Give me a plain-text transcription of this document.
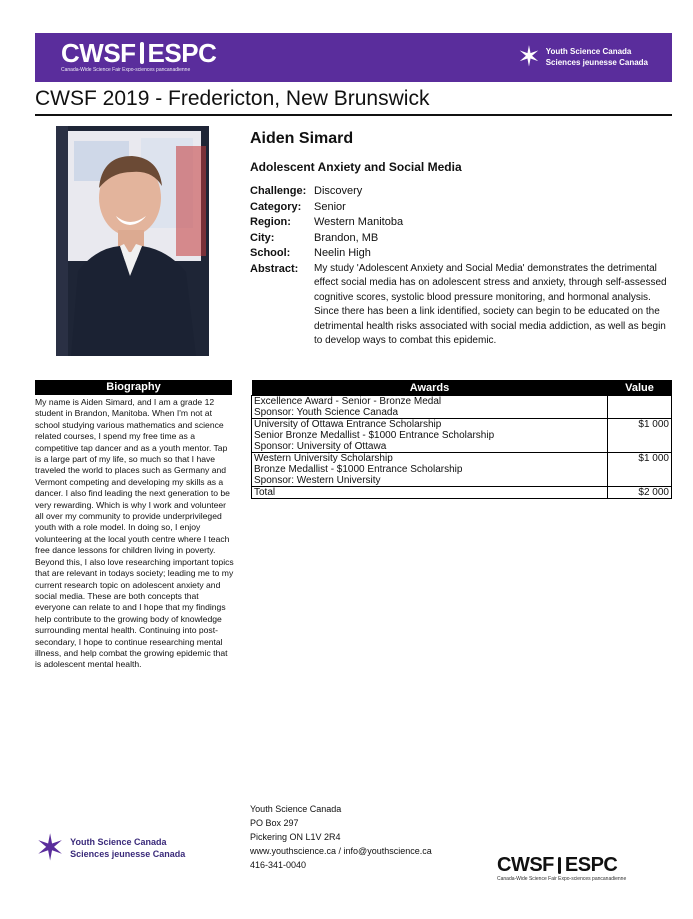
CWSF ESPC
Canada-Wide Science Fair Expo-sciences pancanadienne	✶ Youth Science Canada
Sciences jeunesse Canada
CWSF 2019 - Fredericton, New Brunswick
Aiden Simard
Adolescent Anxiety and Social Media
Challenge: Discovery
Category:	Senior
Region:	Western Manitoba
City:	Brandon, MB
School:	Neelin High
Abstract:	My study 'Adolescent Anxiety and Social Media' demonstrates the detrimental effect social media has on adolescent stress and anxiety, through self-assessed cognitive scores, systolic blood pressure monitoring, and hormonal analysis. Since there has been a link identified, society can begin to be educated on the detrimental health risks associated with social media addiction, as well as begin to develop ways to combat this epidemic.
Biography
My name is Aiden Simard, and I am a grade 12 student in Brandon, Manitoba. When I'm not at school studying various mathematics and science related courses, I spend my free time as a competitive tap dancer and as a youth mentor. Tap is a large part of my life, so much so that I have traveled the world to places such as Germany and Vermont competing and developing my skills as a dancer. I also find leading the next generation to be very rewarding. Which is why I work and volunteer all over my community to provide underprivileged youth with a role model. In doing so, I enjoy volunteering at the local youth centre where I teach free dance lessons for children living in poverty. Beyond this, I also love researching important topics that are relevant in todays society; leading me to my current research topic on adolescent anxiety and social media. These are both concepts that everyone can relate to and I hope that my findings help contribute to the growing body of knowledge surrounding mental health. Continuing into post-secondary, I hope to continue researching mental illness, and help combat the growing epidemic that is adolescent mental health.
Awards	Value

Excellence Award - Senior - Bronze Medal
Sponsor: Youth Science Canada	

University of Ottawa Entrance Scholarship
Senior Bronze Medallist - $1000 Entrance Scholarship
Sponsor: University of Ottawa	$1 000

Western University Scholarship
Bronze Medallist - $1000 Entrance Scholarship
Sponsor: Western University	$1 000
Total	$2 000
Youth Science Canada
PO Box 297
Pickering ON L1V 2R4
www.youthscience.ca / info@youthscience.ca
416-341-0040
✶ Youth Science Canada
Sciences jeunesse Canada	CWSF ESPC
Canada-Wide Science Fair Expo-sciences pancanadienne
